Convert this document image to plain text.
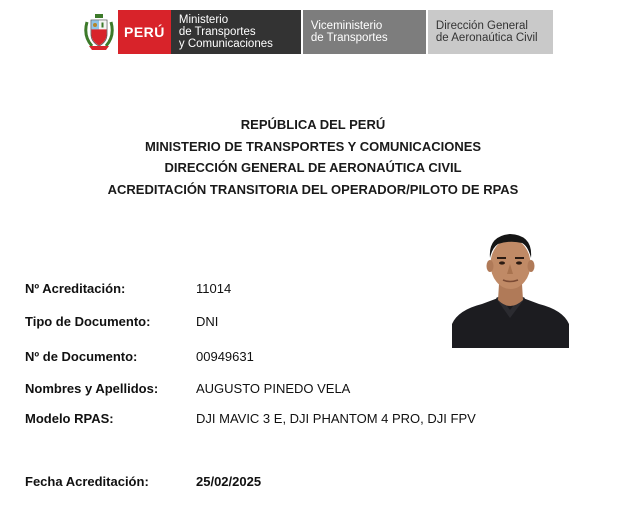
PERÚ
Ministerio
de Transportes
y Comunicaciones
Viceministerio
de Transportes
Dirección General
de Aeronaútica Civil
REPÚBLICA DEL PERÚ
MINISTERIO DE TRANSPORTES Y COMUNICACIONES
DIRECCIÓN GENERAL DE AERONAÚTICA CIVIL
ACREDITACIÓN TRANSITORIA DEL OPERADOR/PILOTO DE RPAS
Nº Acreditación:	11014
Tipo de Documento:	DNI
Nº de Documento:	00949631
Nombres y Apellidos:	AUGUSTO PINEDO VELA
Modelo RPAS:	DJI MAVIC 3 E, DJI PHANTOM 4 PRO, DJI FPV
Fecha Acreditación:	25/02/2025
